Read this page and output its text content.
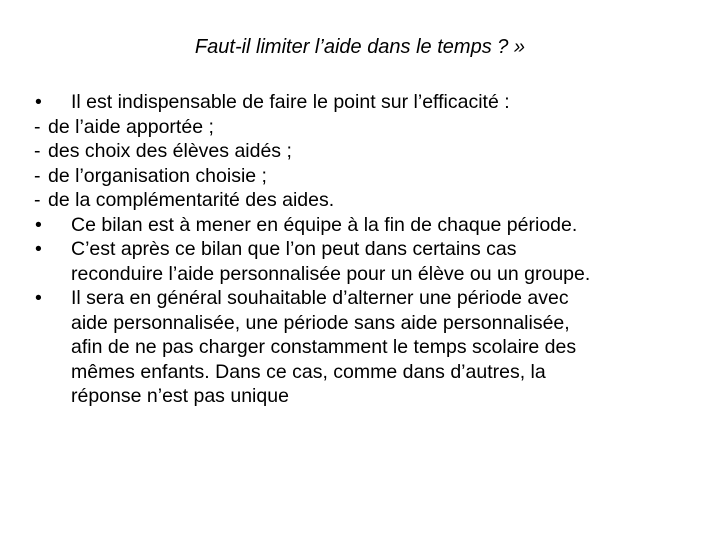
Faut-il limiter l’aide dans le temps ? »
•	Il est indispensable de faire le point sur l’efficacité :
- de l’aide apportée ;
- des choix des élèves aidés ;
- de l’organisation choisie ;
- de la complémentarité des aides.
•	Ce bilan est à mener en équipe à la fin de chaque période.
•	C’est après ce bilan que l’on peut dans certains cas
reconduire l’aide personnalisée pour un élève ou un groupe.
•	Il sera en général souhaitable d’alterner une période avec
aide personnalisée, une période sans aide personnalisée,
afin de ne pas charger constamment le temps scolaire des
mêmes enfants. Dans ce cas, comme dans d’autres, la
réponse n’est pas unique
